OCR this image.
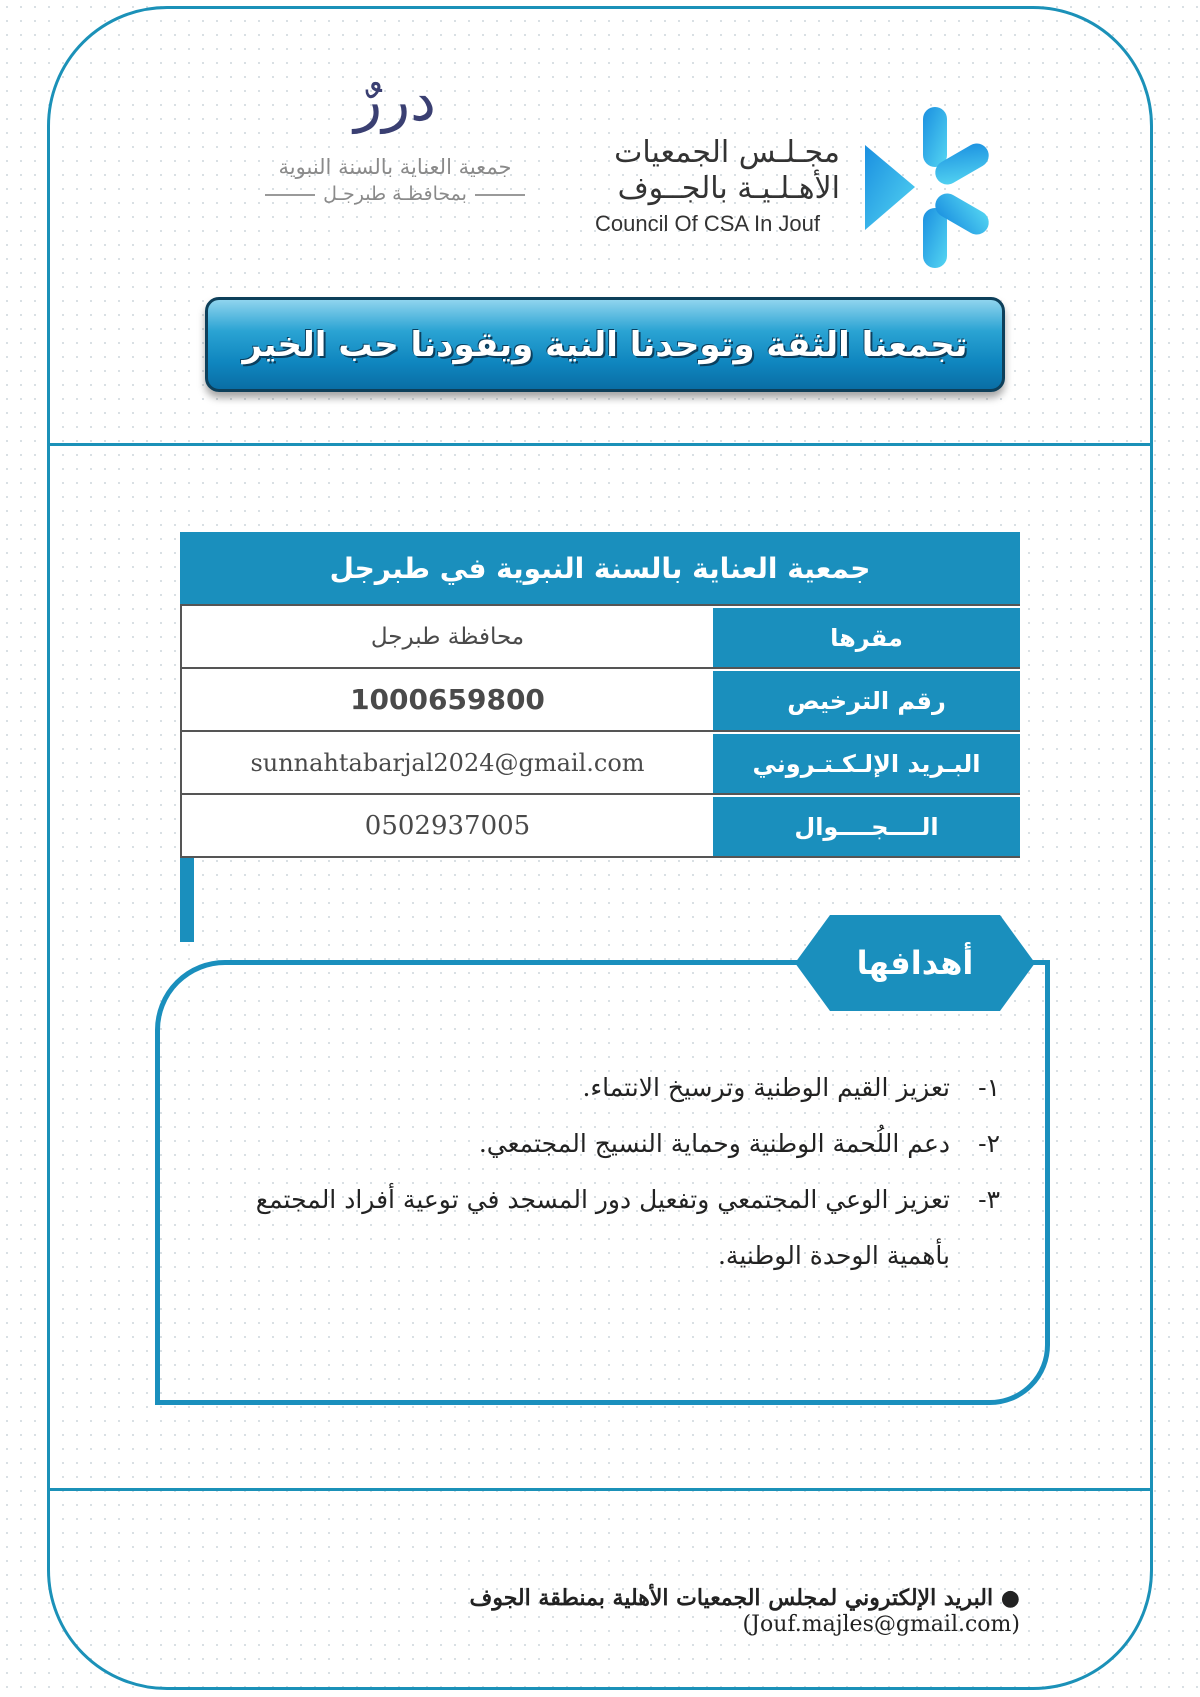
مجـلـس الجمعيات
الأهـلـيـة بالجــوف
Council Of CSA In Jouf
دررٌ
جمعية العناية بالسنة النبوية
بمحافظـة طبرجـل
تجمعنا الثقة وتوحدنا النية ويقودنا حب الخير
جمعية العناية بالسنة النبوية في طبرجل
محافظة طبرجل	مقرها
1000659800	رقم الترخيص
sunnahtabarjal2024@gmail.com	البـريد الإلـكـتـروني
0502937005	الــــجــــوال
أهدافها
١-
تعزيز القيم الوطنية وترسيخ الانتماء.
٢-
دعم اللُحمة الوطنية وحماية النسيج المجتمعي.
٣-
تعزيز الوعي المجتمعي وتفعيل دور المسجد في توعية أفراد المجتمع بأهمية الوحدة الوطنية.
● البريد الإلكتروني لمجلس الجمعيات الأهلية بمنطقة الجوف (Jouf.majles@gmail.com)
